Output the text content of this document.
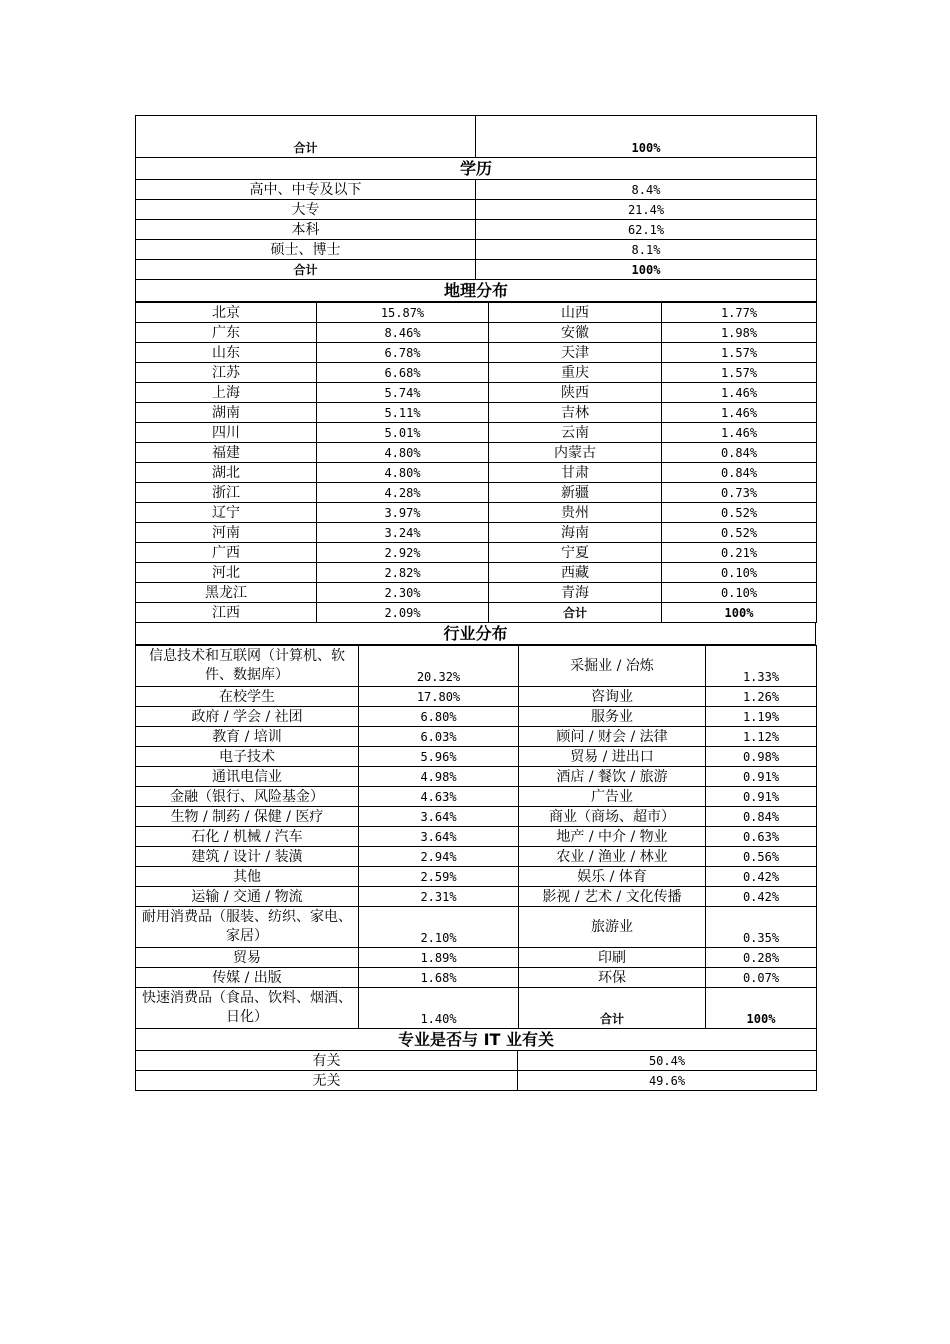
合计	100%
学历	
高中、中专及以下	8.4%
大专	21.4%
本科	62.1%
硕士、博士	8.1%
合计	100%
地理分布	
北京	15.87%	山西	1.77%
广东	8.46%	安徽	1.98%
山东	6.78%	天津	1.57%
江苏	6.68%	重庆	1.57%
上海	5.74%	陕西	1.46%
湖南	5.11%	吉林	1.46%
四川	5.01%	云南	1.46%
福建	4.80%	内蒙古	0.84%
湖北	4.80%	甘肃	0.84%
浙江	4.28%	新疆	0.73%
辽宁	3.97%	贵州	0.52%
河南	3.24%	海南	0.52%
广西	2.92%	宁夏	0.21%
河北	2.82%	西藏	0.10%
黑龙江	2.30%	青海	0.10%
江西	2.09%	合计	100%
行业分布
信息技术和互联网（计算机、软件、数据库）	20.32%	采掘业 / 冶炼	1.33%
在校学生	17.80%	咨询业	1.26%
政府 / 学会 / 社团	6.80%	服务业	1.19%
教育 / 培训	6.03%	顾问 / 财会 / 法律	1.12%
电子技术	5.96%	贸易 / 进出口	0.98%
通讯电信业	4.98%	酒店 / 餐饮 / 旅游	0.91%
金融（银行、风险基金）	4.63%	广告业	0.91%
生物 / 制药 / 保健 / 医疗	3.64%	商业（商场、超市）	0.84%
石化 / 机械 / 汽车	3.64%	地产 / 中介 / 物业	0.63%
建筑 / 设计 / 装潢	2.94%	农业 / 渔业 / 林业	0.56%
其他	2.59%	娱乐 / 体育	0.42%
运输 / 交通 / 物流	2.31%	影视 / 艺术 / 文化传播	0.42%
耐用消费品（服装、纺织、家电、家居）	2.10%	旅游业	0.35%
贸易	1.89%	印刷	0.28%
传媒 / 出版	1.68%	环保	0.07%
快速消费品（食品、饮料、烟酒、日化）	1.40%	合计	100%
专业是否与 IT 业有关	
有关	50.4%
无关	49.6%
